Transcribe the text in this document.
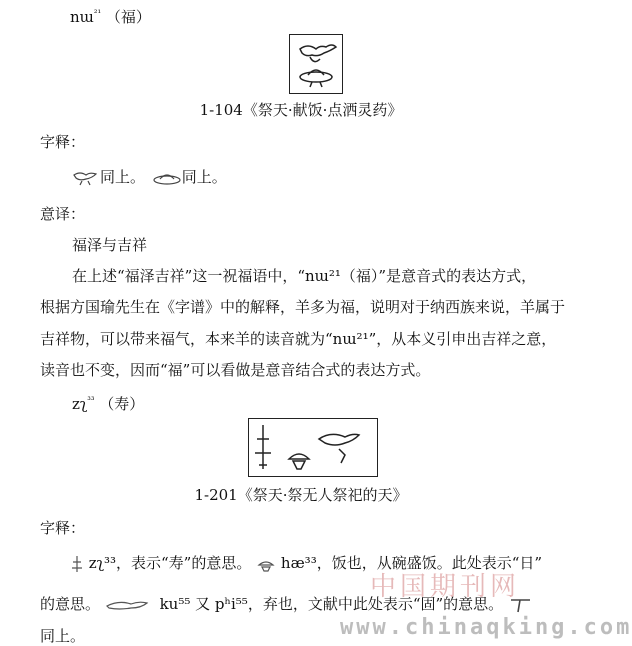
nɯ$^{^{21}}$ （福）
1-104《祭天·献饭·点洒灵药》
字释：
同上。 同上。
意译：
福泽与吉祥
在上述“福泽吉祥”这一祝福语中，“nɯ²¹（福）”是意音式的表达方式，
根据方国瑜先生在《字谱》中的解释，羊多为福，说明对于纳西族来说，羊属于
吉祥物，可以带来福气，本来羊的读音就为“nɯ²¹”，从本义引申出吉祥之意，
读音也不变，因而“福”可以看做是意音结合式的表达方式。
zʅ$^{^{33}}$ （寿）
1-201《祭天·祭无人祭祀的天》
字释：
zʅ³³，表示“寿”的意思。 hæ³³，饭也，从碗盛饭。此处表示“日”
的意思。	ku⁵⁵ 又 pʰi⁵⁵，弃也，文献中此处表示“固”的意思。
同上。
中国期刊网
www.chinaqking.com
